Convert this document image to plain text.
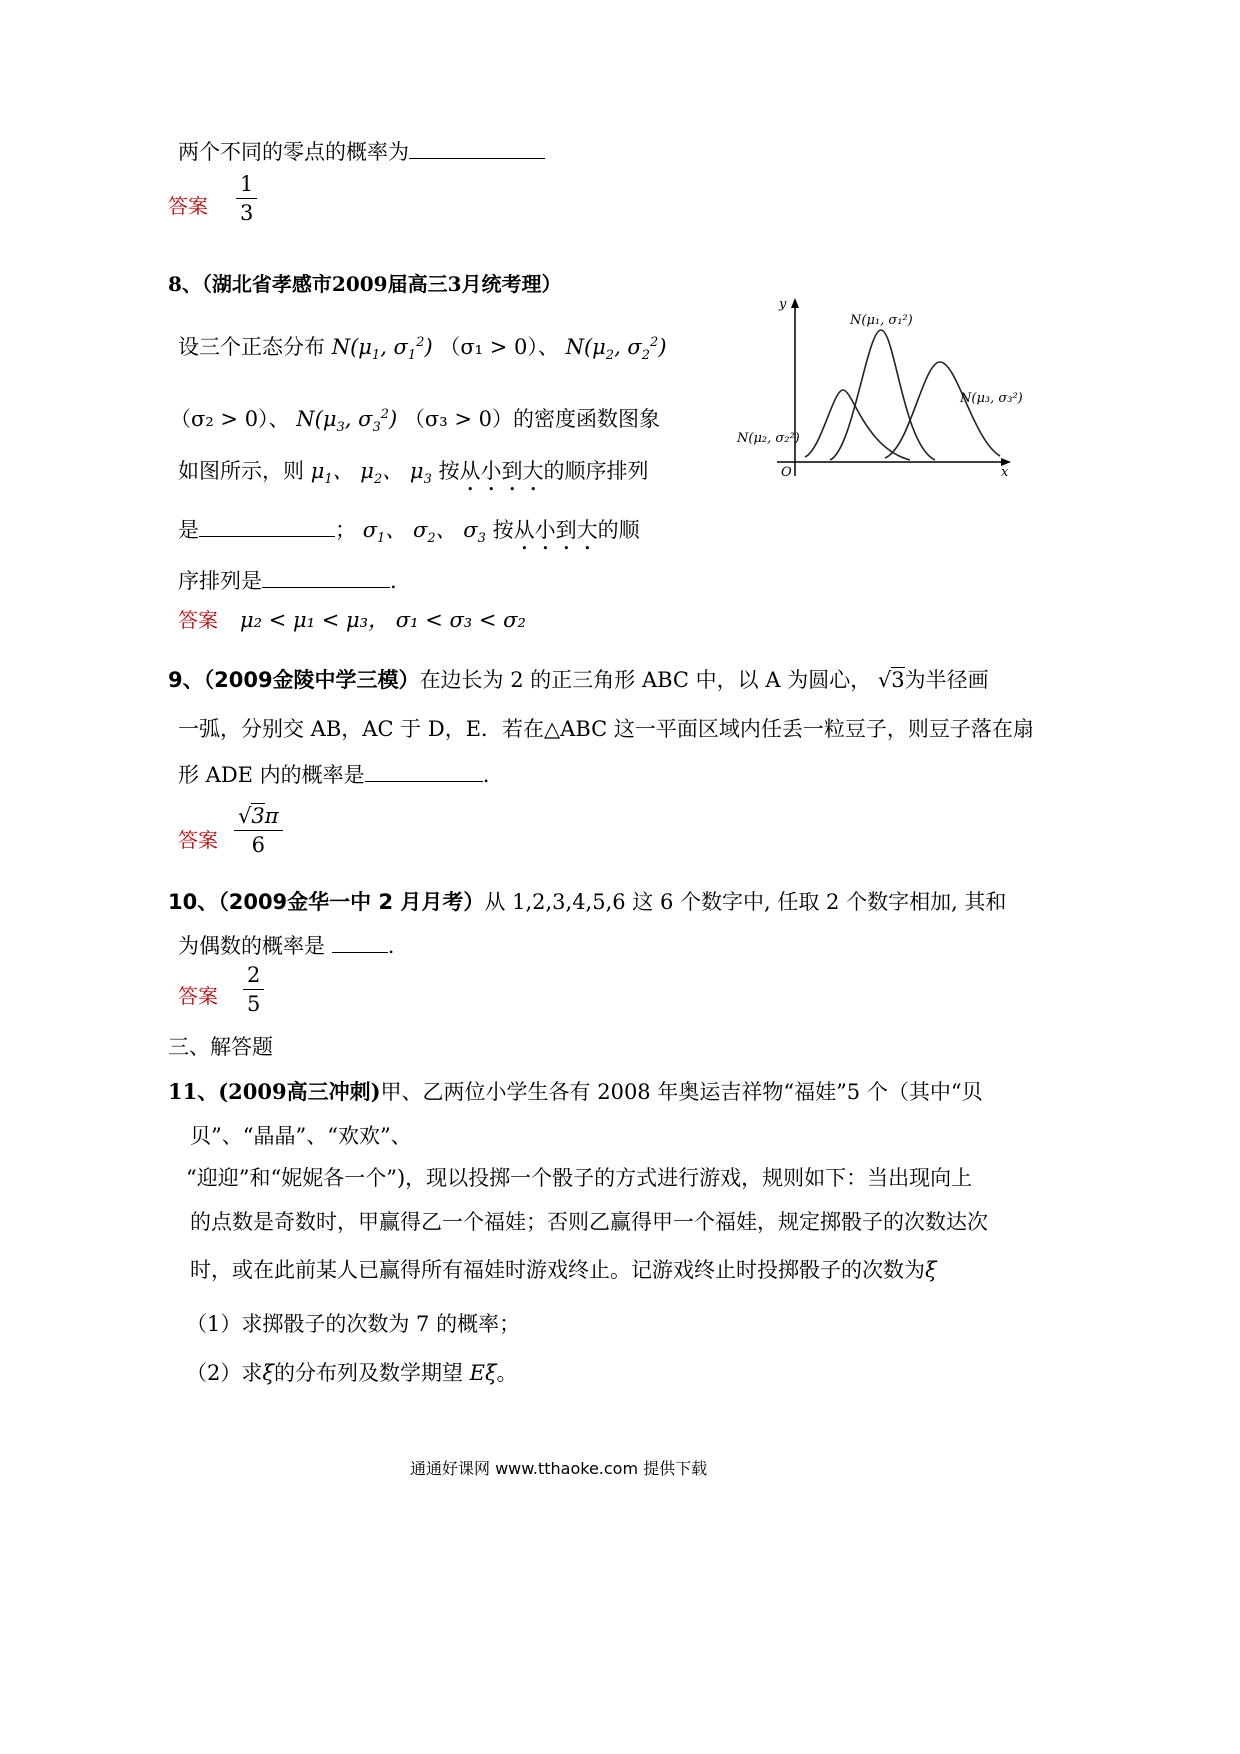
两个不同的零点的概率为
答案 $\frac{1}{3}$
8、（湖北省孝感市2009届高三3月统考理）
设三个正态分布 $N(\mu_1$, $\sigma_1^2$) （σ₁ > 0）、 $N(\mu_2$, $\sigma_2^2$)
（σ₂ > 0）、 $N(\mu_3$, $\sigma_3^2$) （σ₃ > 0）的密度函数图象
如图所示，则 $\mu_1$、 $\mu_2$、 $\mu_3$ 按从小到大的顺序排列
是	； $\sigma_1$、 $\sigma_2$、 $\sigma_3$ 按从小到大的顺
序排列是	.
答案 μ₂ < μ₁ < μ₃， σ₁ < σ₃ < σ₂
y
x
O
N(μ₁, σ₁²)
N(μ₂, σ₂²)
N(μ₃, σ₃²)
9、（2009金陵中学三模）在边长为 2 的正三角形 ABC 中，以 A 为圆心， √3为半径画
一弧，分别交 AB，AC 于 D，E．若在△ABC 这一平面区域内任丢一粒豆子，则豆子落在扇
形 ADE 内的概率是	.
答案 $\frac{√3\pi}{6}$
10、（2009金华一中 2 月月考）从 1,2,3,4,5,6 这 6 个数字中, 任取 2 个数字相加, 其和
为偶数的概率是	.
答案 $\frac{2}{5}$
三、解答题
11、(2009高三冲刺)甲、乙两位小学生各有 2008 年奥运吉祥物“福娃”5 个（其中“贝
贝”、“晶晶”、“欢欢”、
“迎迎”和“妮妮各一个”)，现以投掷一个骰子的方式进行游戏，规则如下：当出现向上
的点数是奇数时，甲赢得乙一个福娃；否则乙赢得甲一个福娃，规定掷骰子的次数达次
时，或在此前某人已赢得所有福娃时游戏终止。记游戏终止时投掷骰子的次数为ξ
（1）求掷骰子的次数为 7 的概率；
（2）求ξ的分布列及数学期望 Eξ。
通通好课网 www.tthaoke.com 提供下载
